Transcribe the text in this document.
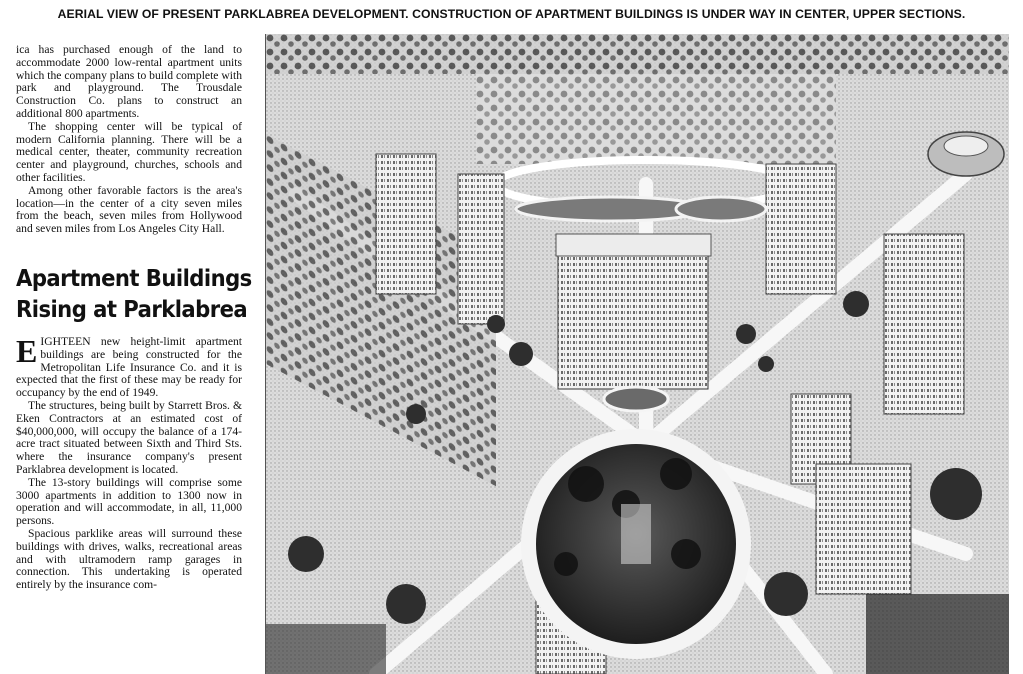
AERIAL VIEW OF PRESENT PARKLABREA DEVELOPMENT. CONSTRUCTION OF APARTMENT BUILDINGS IS UNDER WAY IN CENTER, UPPER SECTIONS.

ica has purchased enough of the land to accommodate 2000 low-rental apartment units which the company plans to build complete with park and playground. The Trousdale Construction Co. plans to construct an additional 800 apartments.

The shopping center will be typical of modern California planning. There will be a medical center, theater, community recreation center and playground, churches, schools and other facilities.

Among other favorable factors is the area's location—in the center of a city seven miles from the beach, seven miles from Hollywood and seven miles from Los Angeles City Hall.

Apartment Buildings
Rising at Parklabrea

EIGHTEEN new height-limit apartment buildings are being constructed for the Metropolitan Life Insurance Co. and it is expected that the first of these may be ready for occupancy by the end of 1949.

The structures, being built by Starrett Bros. & Eken Contractors at an estimated cost of $40,000,000, will occupy the balance of a 174-acre tract situated between Sixth and Third Sts. where the insurance company's present Parklabrea development is located.

The 13-story buildings will comprise some 3000 apartments in addition to 1300 now in operation and will accommodate, in all, 11,000 persons.

Spacious parklike areas will surround these buildings with drives, walks, recreational areas and with ultramodern ramp garages in connection. This undertaking is operated entirely by the insurance com-
